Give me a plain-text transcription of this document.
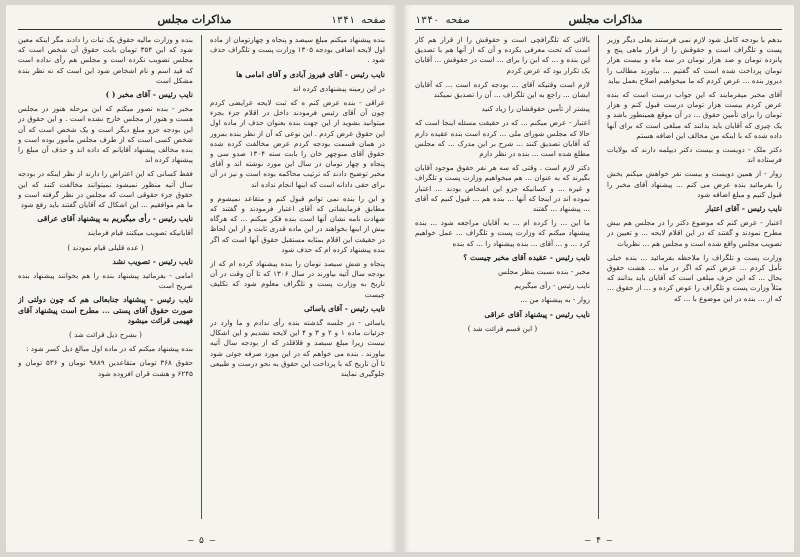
صفحه ۱۳۴۱
مذاکرات مجلس

بنده پیشنهاد میکنم مبلغ سیصد و پنجاه و چهارتومان از ماده اول لایحه اضافی بودجه ۱۳۰۵ وزارت پست و تلگراف حذف شود .

نایب رئیس - آقای فیروز آبادی و آقای امامی ها

در این زمینه پیشنهادی کرده اند

عراقی - بنده عرض کنم ه که ثبت لایحه عرایضی کردم چون آن آقای رئیس فرمودند داخل در اقلام جزء بجزء میتوانید بشوید از این جهت بنده بعنوان حذف از ماده اول این حقوق عرض کردم . این نوعی که آن از نظر بنده بمرور در همان قسمت بودجه کردم عرض مخالفت کرده شده حقوق آقای منوچهر خان را بابت سنه ۱۳۰۴ صدو سی و پنجاه و چهار تومان در سال این مورد نوشته اند و آقای مخبر توضیح دادند که ترتیب محاکمه بوده است و نیز در آن برای حقی دادانه است که اینها انجام نداده اند

و این را بنده نمی توانم قبول کنم و متقاعد نمیشوم و مطابق فرمایشاتی که آقای اعتبار فرمودند و گفتند که شهادت نامه نشان آنها است بنده فکر میکنم ... که هرگاه بیش از اینها بخواهند در این ماده قدری ثابت و از این لحاظ در حقیقت این اقلام بمثابه مستقبل حقوق آنها است که اگر بنده پیشنهاد کرده ام که حذف شود

پنجاه و شش سیصد تومان را بنده پیشنهاد کرده ام که از بودجه سال آتیه بیاورند در سال ۱۳۰۶ که تا آن وقت در آن تاریخ به وزارت پست و تلگراف معلوم شود که تکلیف چیست

نایب رئیس - آقای یاسائی

یاسائی - در جلسه گذشته بنده رأی ندادم و ما وارد در جزئیات ماده ۱ و ۲ و ۳ و ۴ این لایحه نشدیم و این اشکال نیست زیرا مبلغ سیصد و قلاقلدر که از بودجه سال آتیه بیاورند . بنده می خواهم که در این مورد صرفه جوئی شود تا آن تاریخ که با پرداخت این حقوق به نحو درست و طبیعی جلوگیری نمایند

بنده و وزارت مالیه حقوق یک تبات را دادند مگر اینکه معین شود که این ۳۵۴ تومان بابت حقوق آن شخص است که مجلس تصویب نکرده است و مجلس هم رأی نداده است که قید اسم و نام اشخاص شود این است که نه نظر بنده مشکل است

نایب رئیس - آقای مخبر ( )

مخبر - بنده تصور میکنم که این مرحله هنوز در مجلس هست و هنوز از مجلس خارج نشده است . و این حقوق در این بودجه جزو مبلغ دیگر است و یک شخص است که آن شخص کسی است که از طرف مجلس مأمور بوده است و بنده مخالف پیشنهاد آقایانم که داده اند و حذف آن مبلغ را پیشنهاد کرده اند

فقط کسانی که این اعتراض را دارند از نظر اینکه در بودجه سال آتیه منظور نمیشود نمیتوانند مخالفت کنند که این حقوق جزء حقوقی است که مجلس در نظر گرفته است و ما هم موافقیم ... این اشکال که آقایان گفتند باید رفع شود

نایب رئیس - رأی میگیریم به پیشنهاد آقای عراقی

آقایانیکه تصویب میکنند قیام فرمایند

( عده قلیلی قیام نمودند )

نایب رئیس - تصویب نشد

امامی - بفرمائید پیشنهاد بنده را هم بخوانند پیشنهاد بنده صریح است

نایب رئیس - پیشنهاد جنابعالی هم که چون دولتی از صورت حقوق آقای پستی ... مطرح است پیشنهاد آقای فهیمی قرائت میشود

( بشرح ذیل قرائت شد )

بنده پیشنهاد میکنم که در ماده اول مبالغ ذیل کسر شود :

حقوق ۳۶۸ تومان متقاعدین ۹۸۸۹ تومان و ۵۳۶ تومان و ۶۲۴۵ و هشت قران افزوده شود

— ۵ —
مذاکرات مجلس
صفحه ۱۳۴۰

بدهم با بودجه کامل شود لازم نمی فرستند بعلی دیگر وزیر پست و تلگراف است و حقوقش را از قرار ماهی پنج و پانزده تومان و صد هزار تومان در سه ماه و بیست هزار تومان پرداخت شده است که گفتیم ... بیاورند مطالب را دیروز بنده ... عرض کردم که ما میخواهیم اصلاح بعمل بیاید

آقای مخبر میفرمایند که این جواب درست است که بنده عرض کردم بیست هزار تومان درست قبول کنم و هزار تومان را برای تأمین حقوق ... در آن موقع همینطور باشد و یک چیزی که آقایان باید بدانند که مبلغی است که برای آنها داده شده که با اینکه من مخالف این اضافه هستم

دکتر ملک - دویست و بیست دکتر دیپلمه دارند که بولایات فرستاده اند

زوار - از همین دویست و بیست نفر خواهش میکنم بخش را بفرمائید بنده عرض می کنم ... پیشنهاد آقای مخبر را قبول کنیم و مبلغ اضافه شود

نایب رئیس - آقای اعتبار

اعتبار - عرض کنم که موضوع دکتر را در مجلس هم بیش مطرح نمودند و گفتند که در این اقلام لایحه ... و تعیین در تصویب مجلس واقع شده است و مجلس هم ... نظریات

وزارت پست و تلگراف را ملاحظه بفرمائید ... بنده خیلی تأمل کردم ... عرض کنم که اگر در ماه ... هشت حقوق بحال ... که این حرف مبلغی است که آقایان باید بدانند که مثلاً وزارت پست و تلگراف را عوض کرده و ... از حقوق ... که از ... بنده در این موضوع با ... که

بالائی که تلگرافچی است و حقوقش را از قرار هم کار است که تحت معرفی بکرده و آن که از آنها هم با تصدیق این بنده و ... که این را برای ... است در حقوقش ... آقایان یک تکرار بود که عرض کردم

لازم است وقتیکه آقای ... بودجه کرده است ... که آقایان ایشان ... راجع به این تلگراف ... آن را تصدیق نمیکند

پیشتر از تأمین حقوقشان را زیاد کنید

اعتبار - عرض میکنم ... که در حقیقت مسئله اینجا است که حالا که مجلس شورای ملی ... کرده است بنده عقیده دارم که آقایان تصدیق کنند ... شرح بر این مدرک ... که مجلس مطلع شده است ... بنده در نظر دارم

دکتر لازم است . وقتی که سه هر نفر حقوق موجود آقایان بگیرند که به عنوان ... هم میخواهیم وزارت پست و تلگراف و غیره ... و کسانیکه جزو این اشخاص بودند ... اعتبار نموده اند در اینجا که آنها ... بنده هم ... قبول کنیم که آقای ... پیشنهاد ... گفتند

ما این ... را کرده ام ... به آقایان مراجعه شود ... بنده پیشنهاد میکنم که وزارت پست و تلگراف ... عمل خواهیم کرد ... و ... آقای ... بنده پیشنهاد را ... که بنده

نایب رئیس - عقیده آقای مخبر چیست ؟

مخبر - بنده نسبت بنظر مجلس

نایب رئیس - رأی میگیریم

زوار - به پیشنهاد من ...

نایب رئیس - پیشنهاد آقای عراقی

( این قسم قرائت شد )

— ۴ —
